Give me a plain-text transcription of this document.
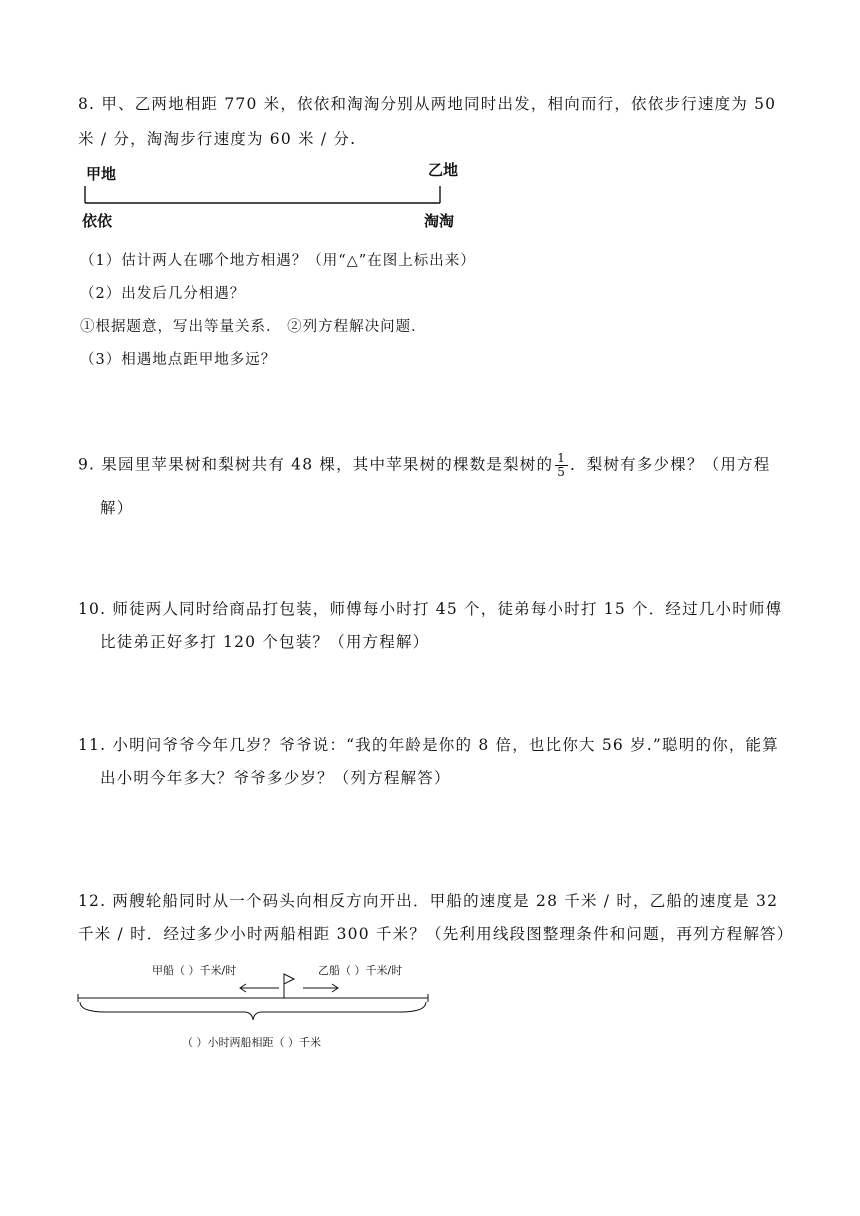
8. 甲、乙两地相距 770 米，依依和淘淘分别从两地同时出发，相向而行，依依步行速度为 50
米 / 分，淘淘步行速度为 60 米 / 分.
甲地	乙地
依依	淘淘
（1）估计两人在哪个地方相遇？（用“△”在图上标出来）
（2）出发后几分相遇？
①根据题意，写出等量关系． ②列方程解决问题．
（3）相遇地点距甲地多远？
9. 果园里苹果树和梨树共有 48 棵，其中苹果树的棵数是梨树的 $\frac{1}{5}$ ．梨树有多少棵？（用方程
解）
10. 师徒两人同时给商品打包装，师傅每小时打 45 个，徒弟每小时打 15 个．经过几小时师傅
比徒弟正好多打 120 个包装？（用方程解）
11. 小明问爷爷今年几岁？爷爷说：“我的年龄是你的 8 倍，也比你大 56 岁.”聪明的你，能算
出小明今年多大？爷爷多少岁？（列方程解答）
12. 两艘轮船同时从一个码头向相反方向开出．甲船的速度是 28 千米 / 时，乙船的速度是 32
千米 / 时．经过多少小时两船相距 300 千米？（先利用线段图整理条件和问题，再列方程解答）
甲船（ ）千米/时	乙船（ ）千米/时
（ ）小时两船相距（ ）千米
